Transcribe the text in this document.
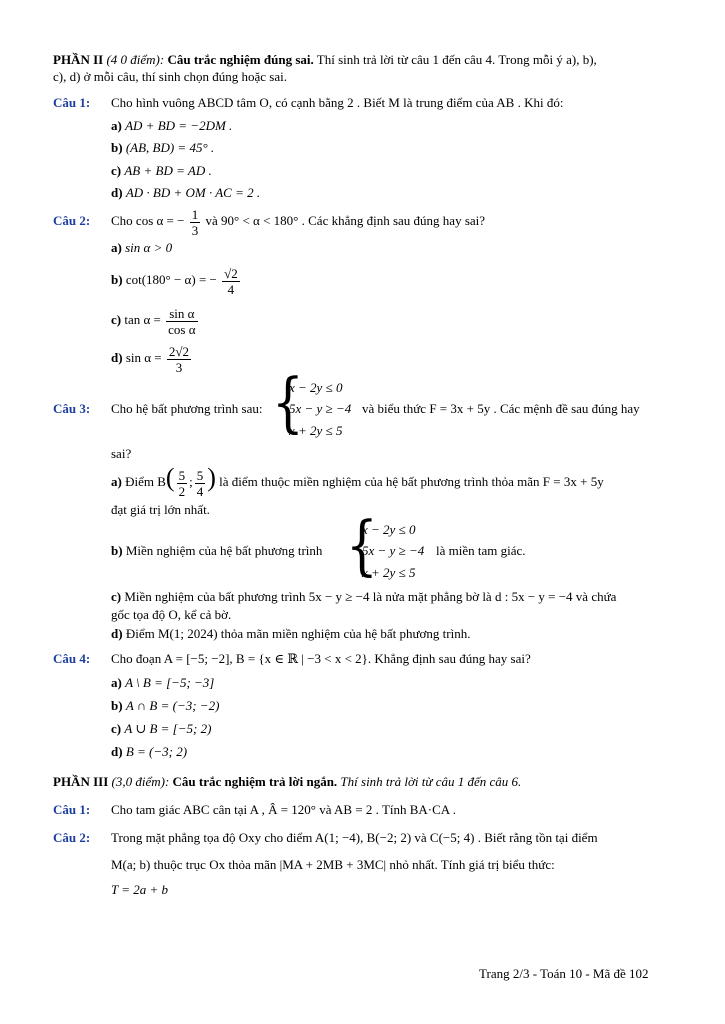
PHẦN II (4 0 điểm): Câu trắc nghiệm đúng sai. Thí sinh trả lời từ câu 1 đến câu 4. Trong mỗi ý a), b),
c), d) ở mỗi câu, thí sinh chọn đúng hoặc sai.
Câu 1: Cho hình vuông ABCD tâm O, có cạnh bằng 2 . Biết M là trung điểm của AB . Khi đó:
a) AD + BD = −2DM .
b) (AB, BD) = 45° .
c) AB + BD = AD .
d) AD · BD + OM · AC = 2 .
Câu 2: Cho cos α = − $\frac{1}{3}$ và 90° < α < 180° . Các khẳng định sau đúng hay sai?
a) sin α > 0
b) cot(180° − α) = − $\frac{√2}{4}$
c) $\tan \alpha = \frac{\text{sin α}}{\text{cos α}}$
d) $\sin \alpha = \frac{2√2}{3}$
Câu 3: Cho hệ bất phương trình sau: {
x − 2y ≤ 0
5x − y ≥ −4
x + 2y ≤ 5
và biểu thức F = 3x + 5y . Các mệnh đề sau đúng hay
sai?
a) Điểm $B( \frac{5}{2}$ ; $\frac{5}{4}$ ) là điểm thuộc miền nghiệm của hệ bất phương trình thỏa mãn F = 3x + 5y
đạt giá trị lớn nhất.
b) Miền nghiệm của hệ bất phương trình {
x − 2y ≤ 0
5x − y ≥ −4
x + 2y ≤ 5
là miền tam giác.
c) Miền nghiệm của bất phương trình 5x − y ≥ −4 là nửa mặt phẳng bờ là d : 5x − y = −4 và chứa
gốc tọa độ O, kể cả bờ.
d) Điểm M(1; 2024) thỏa mãn miền nghiệm của hệ bất phương trình.
Câu 4: Cho đoạn A = [−5; −2], B = {x ∈ ℝ | −3 < x < 2}. Khẳng định sau đúng hay sai?
a) A \ B = [−5; −3]
b) A ∩ B = (−3; −2)
c) A ∪ B = [−5; 2)
d) B = (−3; 2)
PHẦN III (3,0 điểm): Câu trắc nghiệm trả lời ngắn. Thí sinh trả lời từ câu 1 đến câu 6.
Câu 1: Cho tam giác ABC cân tại A , Â = 120° và AB = 2 . Tính BA·CA .
Câu 2: Trong mặt phẳng tọa độ Oxy cho điểm A(1; −4), B(−2; 2) và C(−5; 4) . Biết rằng tồn tại điểm
M(a; b) thuộc trục Ox thỏa mãn |MA + 2MB + 3MC| nhỏ nhất. Tính giá trị biểu thức:
T = 2a + b
Trang 2/3 - Toán 10 - Mã đề 102
